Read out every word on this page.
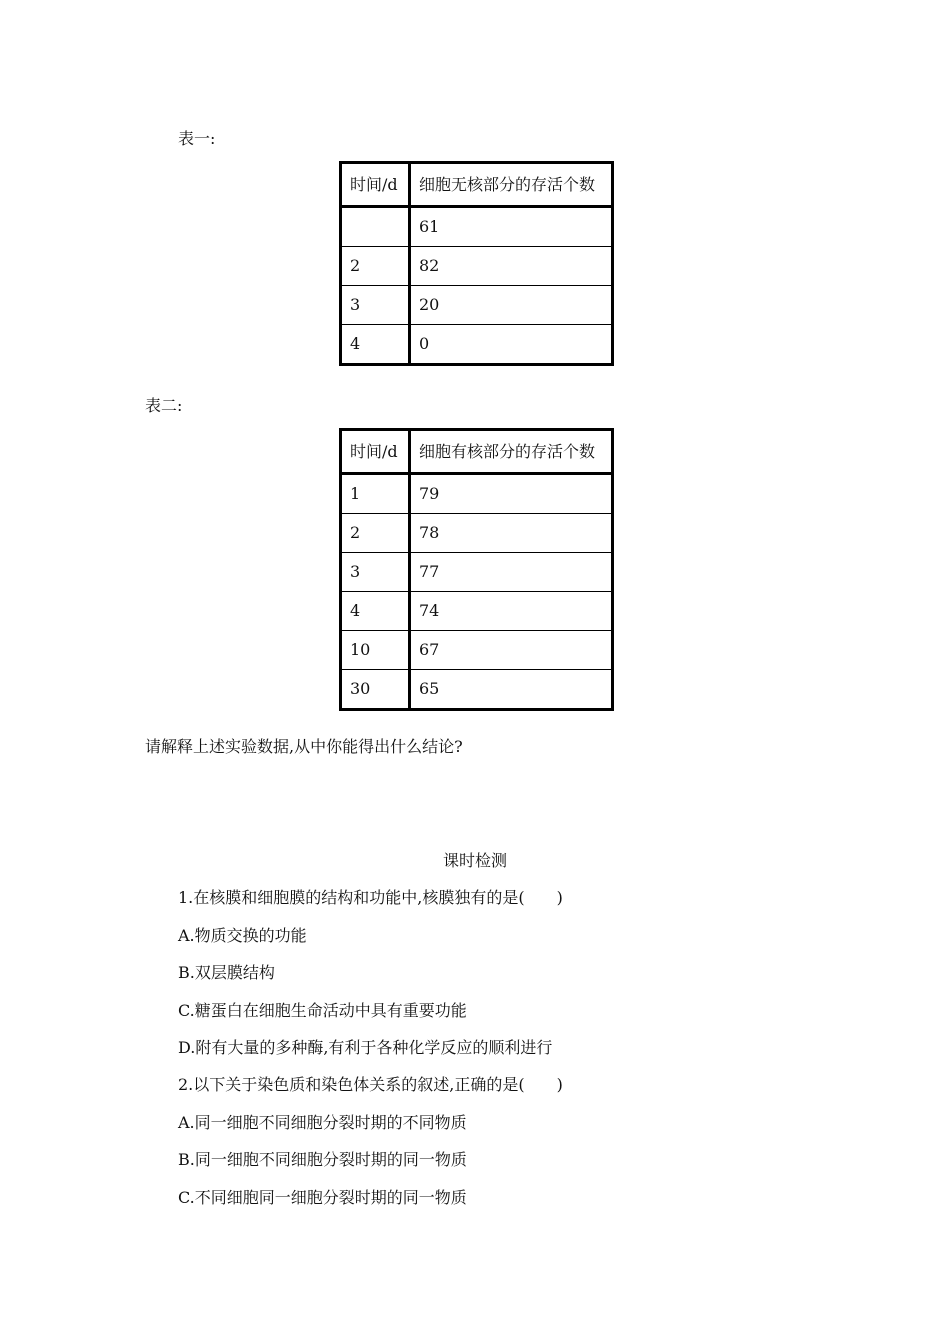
表一:
时间/d	细胞无核部分的存活个数
	61
2	82
3	20
4	0
表二:
时间/d	细胞有核部分的存活个数
1	79
2	78
3	77
4	74
10	67
30	65
请解释上述实验数据,从中你能得出什么结论?
课时检测
1.在核膜和细胞膜的结构和功能中,核膜独有的是(　　)
A.物质交换的功能
B.双层膜结构
C.糖蛋白在细胞生命活动中具有重要功能
D.附有大量的多种酶,有利于各种化学反应的顺利进行
2.以下关于染色质和染色体关系的叙述,正确的是(　　)
A.同一细胞不同细胞分裂时期的不同物质
B.同一细胞不同细胞分裂时期的同一物质
C.不同细胞同一细胞分裂时期的同一物质
